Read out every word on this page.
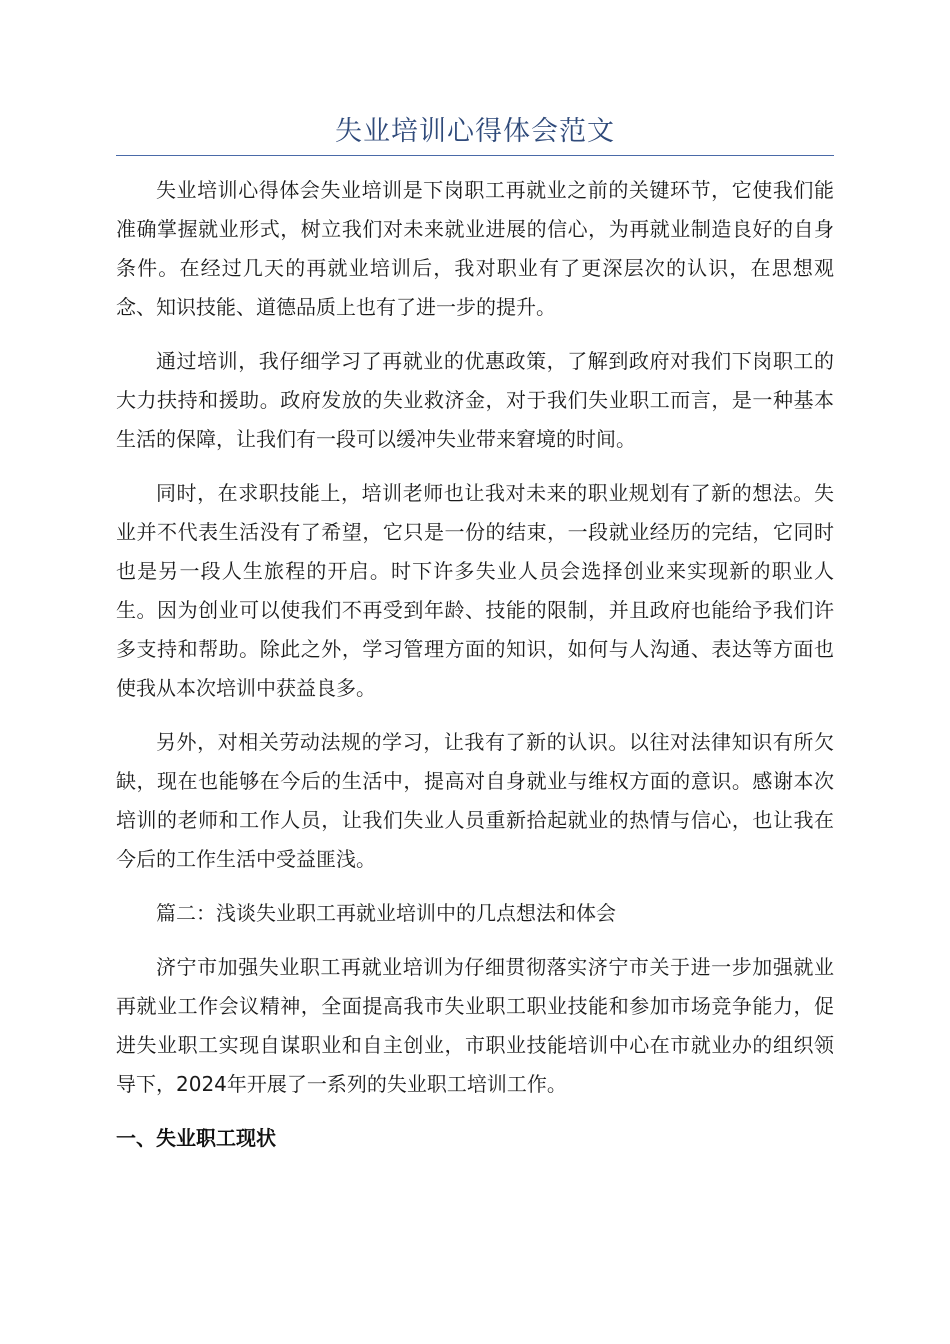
失业培训心得体会范文

失业培训心得体会失业培训是下岗职工再就业之前的关键环节，它使我们能准确掌握就业形式，树立我们对未来就业进展的信心，为再就业制造良好的自身条件。在经过几天的再就业培训后，我对职业有了更深层次的认识，在思想观念、知识技能、道德品质上也有了进一步的提升。

通过培训，我仔细学习了再就业的优惠政策，了解到政府对我们下岗职工的大力扶持和援助。政府发放的失业救济金，对于我们失业职工而言，是一种基本生活的保障，让我们有一段可以缓冲失业带来窘境的时间。

同时，在求职技能上，培训老师也让我对未来的职业规划有了新的想法。失业并不代表生活没有了希望，它只是一份的结束，一段就业经历的完结，它同时也是另一段人生旅程的开启。时下许多失业人员会选择创业来实现新的职业人生。因为创业可以使我们不再受到年龄、技能的限制，并且政府也能给予我们许多支持和帮助。除此之外，学习管理方面的知识，如何与人沟通、表达等方面也使我从本次培训中获益良多。

另外，对相关劳动法规的学习，让我有了新的认识。以往对法律知识有所欠缺，现在也能够在今后的生活中，提高对自身就业与维权方面的意识。感谢本次培训的老师和工作人员，让我们失业人员重新拾起就业的热情与信心，也让我在今后的工作生活中受益匪浅。

篇二：浅谈失业职工再就业培训中的几点想法和体会

济宁市加强失业职工再就业培训为仔细贯彻落实济宁市关于进一步加强就业再就业工作会议精神，全面提高我市失业职工职业技能和参加市场竞争能力，促进失业职工实现自谋职业和自主创业，市职业技能培训中心在市就业办的组织领导下，2024年开展了一系列的失业职工培训工作。

一、失业职工现状
